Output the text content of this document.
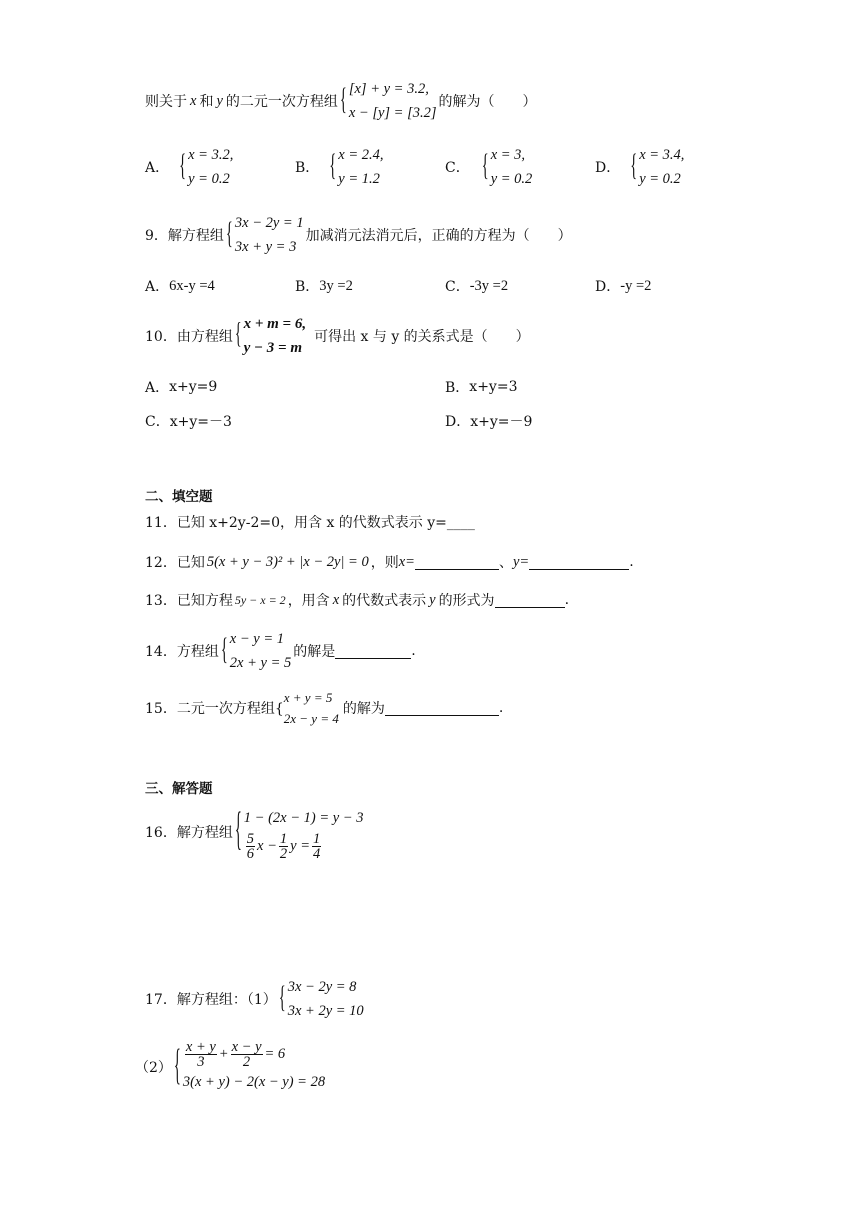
则关于 x 和 y 的二元一次方程组 { [x] + y = 3.2,
x − [y] = [3.2]
的解为（　　）
A． { x = 3.2,
y = 0.2
B． { x = 2.4,
y = 1.2
C． { x = 3,
y = 0.2
D． { x = 3.4,
y = 0.2
9． 解方程组 { 3x − 2y = 1
3x + y = 3
加减消元法消元后，正确的方程为（　　）
A． 6x-y =4	B． 3y =2	C． -3y =2	D． -y =2
10． 由方程组 { x + m = 6,
y − 3 = m
可得出 x 与 y 的关系式是（　　）
A． x+y=9	B． x+y=3
C． x+y=－3	D． x+y=－9
二、填空题
11． 已知 x+2y-2=0，用含 x 的代数式表示 y=____
12． 已知 5(x + y − 3)² + |x − 2y| = 0 ，则 x=	、 y=	.
13． 已知方程 5y − x = 2 ，用含 x 的代数式表示 y 的形式为	.
14． 方程组 { x − y = 1
2x + y = 5
的解是	.
15． 二元一次方程组{
x + y = 5
2x − y = 4
的解为	.
三、解答题
16． 解方程组 { 1 − (2x − 1) = y − 3
$\frac{5}{6}$ $x - \frac{1}{2}$ $y = \frac{1}{4}$
17． 解方程组：（1） { 3x − 2y = 8
3x + 2y = 10
（2） { $\frac{x + y}{3} + \frac{x - y}{2} = 6$
3(x + y) − 2(x − y) = 28
